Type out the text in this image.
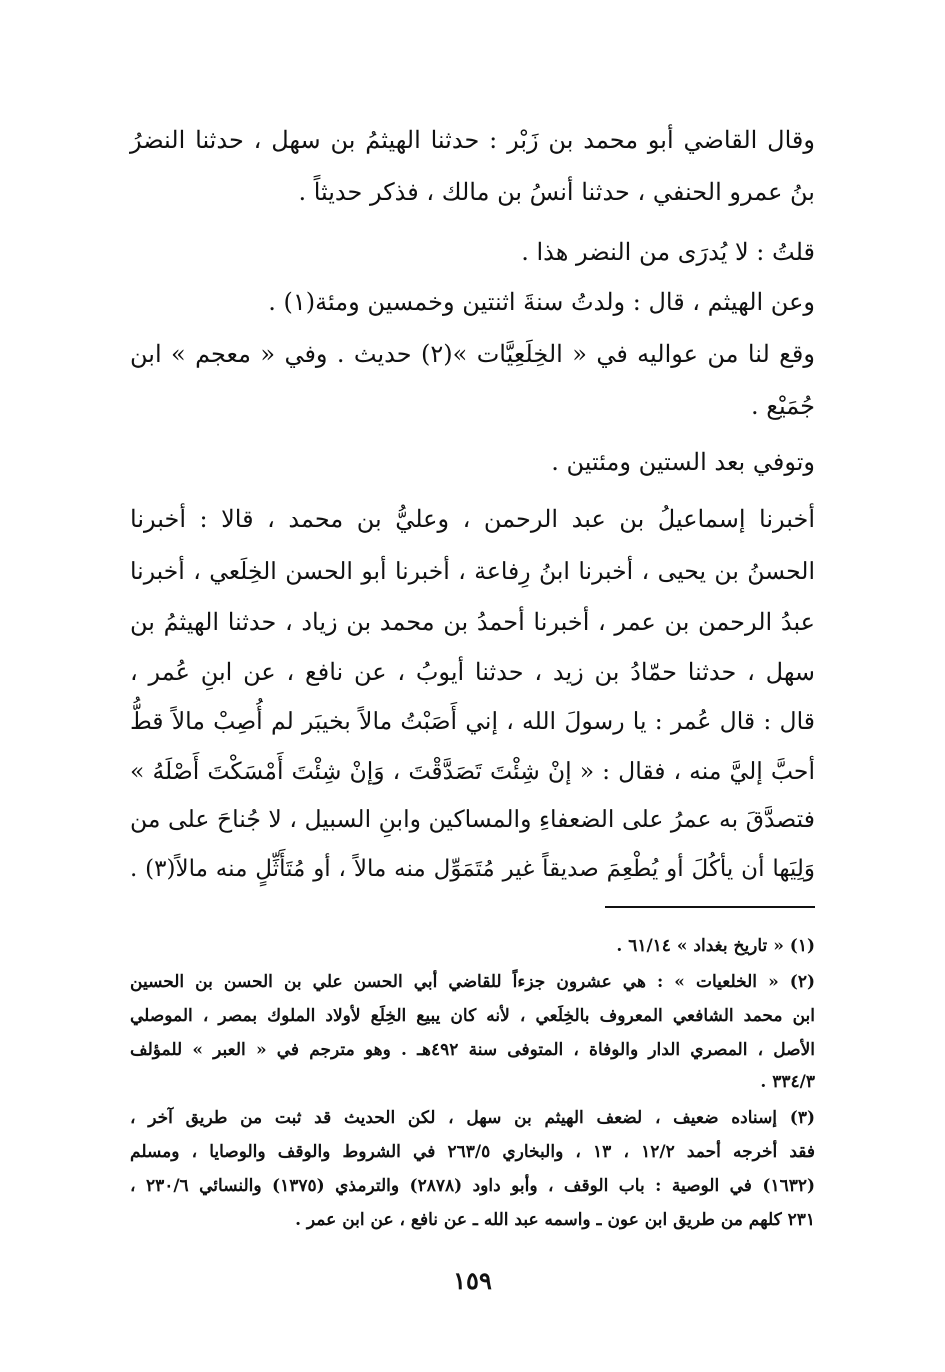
وقال القاضي أبو محمد بن زَبْر : حدثنا الهيثمُ بن سهل ، حدثنا النضرُ
بنُ عمرو الحنفي ، حدثنا أنسُ بن مالك ، فذكر حديثاً .
قلتُ : لا يُدرَى من النضر هذا .
وعن الهيثم ، قال : ولدتُ سنةَ اثنتين وخمسين ومئة(١) .
وقع لنا من عواليه في « الخِلَعِيَّات »(٢) حديث . وفي « معجم » ابن
جُمَيْع .
وتوفي بعد الستين ومئتين .
أخبرنا إسماعيلُ بن عبد الرحمن ، وعليُّ بن محمد ، قالا : أخبرنا
الحسنُ بن يحيى ، أخبرنا ابنُ رِفاعة ، أخبرنا أبو الحسن الخِلَعي ، أخبرنا
عبدُ الرحمن بن عمر ، أخبرنا أحمدُ بن محمد بن زياد ، حدثنا الهيثمُ بن
سهل ، حدثنا حمّادُ بن زيد ، حدثنا أيوبُ ، عن نافع ، عن ابنِ عُمر ،
قال : قال عُمر : يا رسولَ الله ، إني أَصَبْتُ مالاً بخيبَر لم أُصِبْ مالاً قطُّ
أحبَّ إليَّ منه ، فقال : « إنْ شِئْتَ تَصَدَّقْتَ ، وَإنْ شِئْتَ أَمْسَكْتَ أَصْلَهُ »
فتصدَّقَ به عمرُ على الضعفاءِ والمساكين وابنِ السبيل ، لا جُناحَ على من
وَلِيَها أن يأكُلَ أو يُطْعِمَ صديقاً غير مُتَمَوِّل منه مالاً ، أو مُتَأَثِّلٍ منه مالاً(٣) .
(١) « تاريخ بغداد » ٦١/١٤ .
(٢) « الخلعيات » : هي عشرون جزءاً للقاضي أبي الحسن علي بن الحسن بن الحسين
ابن محمد الشافعي المعروف بالخِلَعي ، لأنه كان يبيع الخِلَع لأولاد الملوك بمصر ، الموصلي
الأصل ، المصري الدار والوفاة ، المتوفى سنة ٤٩٢هـ . وهو مترجم في « العبر » للمؤلف
٣٣٤/٣ .
(٣) إسناده ضعيف ، لضعف الهيثم بن سهل ، لكن الحديث قد ثبت من طريق آخر ،
فقد أخرجه أحمد ١٢/٢ ، ١٣ ، والبخاري ٢٦٣/٥ في الشروط والوقف والوصايا ، ومسلم
(١٦٣٢) في الوصية : باب الوقف ، وأبو داود (٢٨٧٨) والترمذي (١٣٧٥) والنسائي ٢٣٠/٦ ،
٢٣١ كلهم من طريق ابن عون ـ واسمه عبد الله ـ عن نافع ، عن ابن عمر .
١٥٩
